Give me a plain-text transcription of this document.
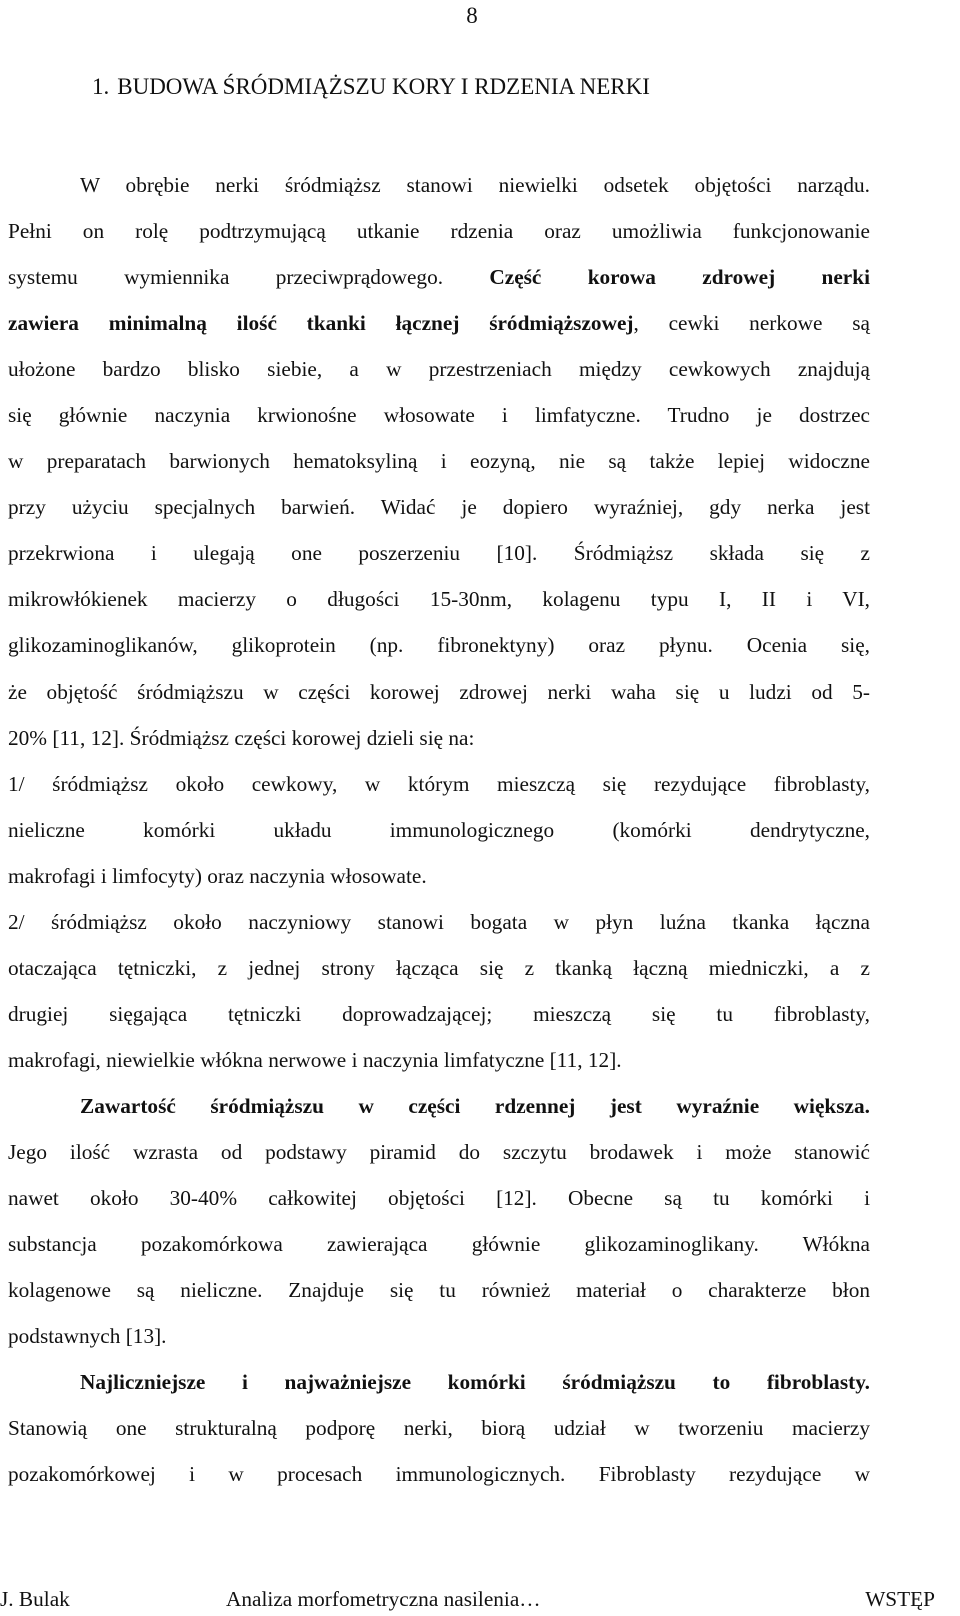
8
1. BUDOWA ŚRÓDMIĄŻSZU KORY I RDZENIA NERKI
W obrębie nerki śródmiąższ stanowi niewielki odsetek objętości narządu.
Pełni on rolę podtrzymującą utkanie rdzenia oraz umożliwia funkcjonowanie
systemu wymiennika przeciwprądowego. Część korowa zdrowej nerki
zawiera minimalną ilość tkanki łącznej śródmiąższowej, cewki nerkowe są
ułożone bardzo blisko siebie, a w przestrzeniach między cewkowych znajdują
się głównie naczynia krwionośne włosowate i limfatyczne. Trudno je dostrzec
w preparatach barwionych hematoksyliną i eozyną, nie są także lepiej widoczne
przy użyciu specjalnych barwień. Widać je dopiero wyraźniej, gdy nerka jest
przekrwiona i ulegają one poszerzeniu [10]. Śródmiąższ składa się z
mikrowłókienek macierzy o długości 15-30nm, kolagenu typu I, II i VI,
glikozaminoglikanów, glikoprotein (np. fibronektyny) oraz płynu. Ocenia się,
że objętość śródmiąższu w części korowej zdrowej nerki waha się u ludzi od 5-
20% [11, 12]. Śródmiąższ części korowej dzieli się na:
1/ śródmiąższ około cewkowy, w którym mieszczą się rezydujące fibroblasty,
nieliczne komórki układu immunologicznego (komórki dendrytyczne,
makrofagi i limfocyty) oraz naczynia włosowate.
2/ śródmiąższ około naczyniowy stanowi bogata w płyn luźna tkanka łączna
otaczająca tętniczki, z jednej strony łącząca się z tkanką łączną miedniczki, a z
drugiej sięgająca tętniczki doprowadzającej; mieszczą się tu fibroblasty,
makrofagi, niewielkie włókna nerwowe i naczynia limfatyczne [11, 12].
Zawartość śródmiąższu w części rdzennej jest wyraźnie większa.
Jego ilość wzrasta od podstawy piramid do szczytu brodawek i może stanowić
nawet około 30-40% całkowitej objętości [12]. Obecne są tu komórki i
substancja pozakomórkowa zawierająca głównie glikozaminoglikany. Włókna
kolagenowe są nieliczne. Znajduje się tu również materiał o charakterze błon
podstawnych [13].
Najliczniejsze i najważniejsze komórki śródmiąższu to fibroblasty.
Stanowią one strukturalną podporę nerki, biorą udział w tworzeniu macierzy
pozakomórkowej i w procesach immunologicznych. Fibroblasty rezydujące w
J. Bulak	Analiza morfometryczna nasilenia…	WSTĘP
